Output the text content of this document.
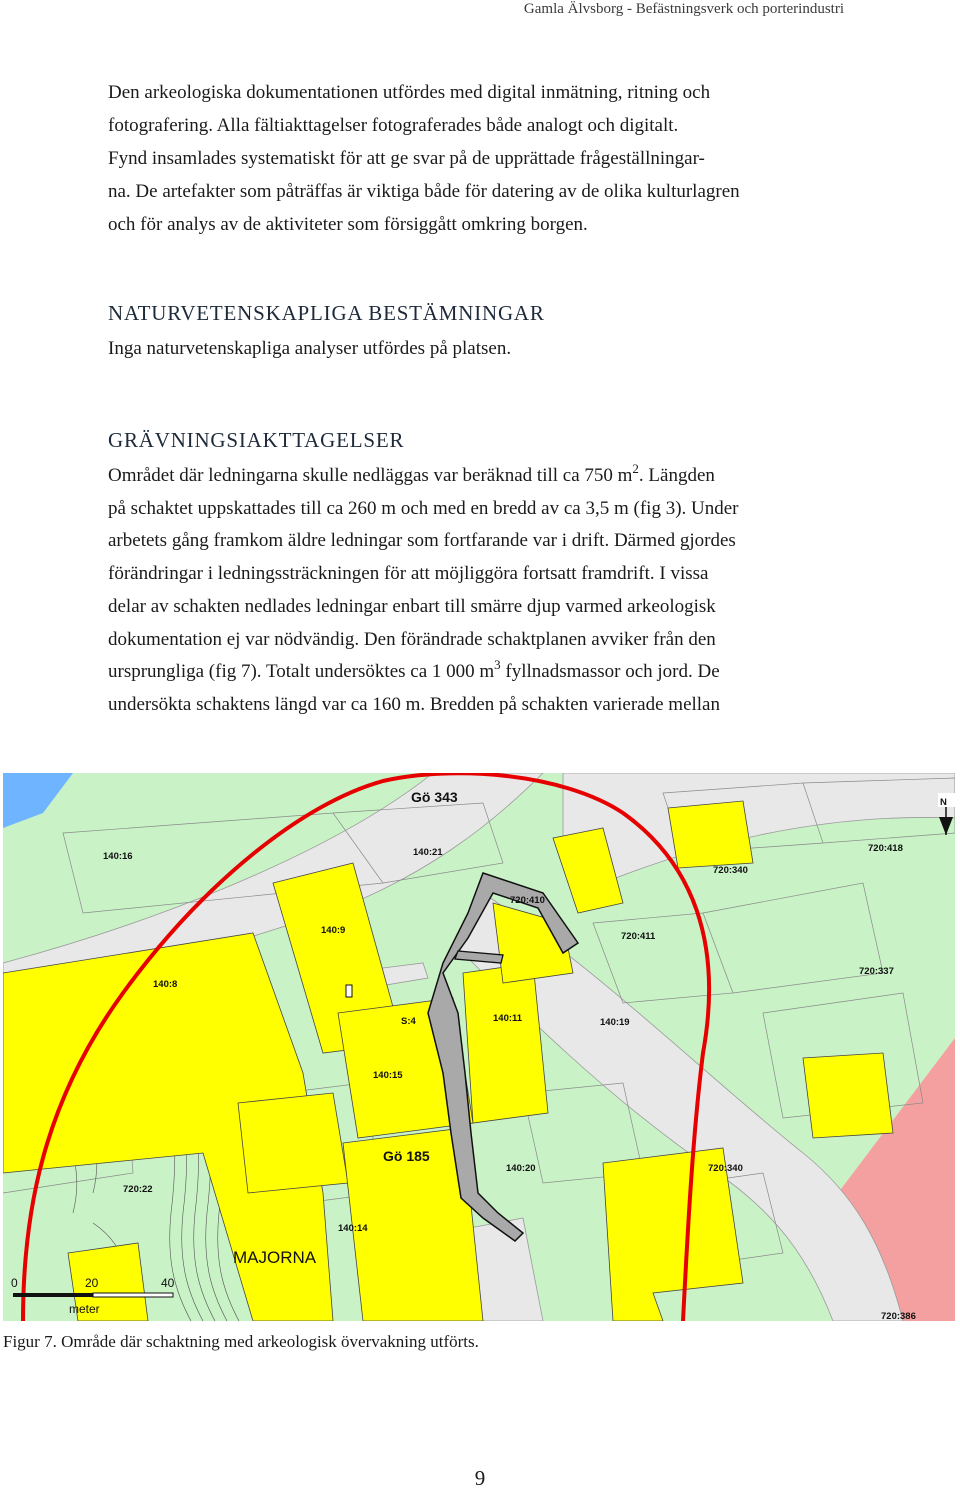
Gamla Älvsborg - Befästningsverk och porterindustri
Den arkeologiska dokumentationen utfördes med digital inmätning, ritning och
fotografering. Alla fältiakttagelser fotograferades både analogt och digitalt.
Fynd insamlades systematiskt för att ge svar på de upprättade frågeställningar-
na. De artefakter som påträffas är viktiga både för datering av de olika kulturlagren
och för analys av de aktiviteter som försiggått omkring borgen.
NATURVETENSKAPLIGA BESTÄMNINGAR
Inga naturvetenskapliga analyser utfördes på platsen.
GRÄVNINGSIAKTTAGELSER
Området där ledningarna skulle nedläggas var beräknad till ca 750 $m^2$. Längden
på schaktet uppskattades till ca 260 m och med en bredd av ca 3,5 m (fig 3). Under
arbetets gång framkom äldre ledningar som fortfarande var i drift. Därmed gjordes
förändringar i ledningssträckningen för att möjliggöra fortsatt framdrift. I vissa
delar av schakten nedlades ledningar enbart till smärre djup varmed arkeologisk
dokumentation ej var nödvändig. Den förändrade schaktplanen avviker från den
ursprungliga (fig 7). Totalt undersöktes ca 1 000 $m^3$ fyllnadsmassor och jord. De
undersökta schaktens längd var ca 160 m. Bredden på schakten varierade mellan
Gö 343
Gö 185
140:16	140:21
140:9
140:8
S:4	140:11	140:19
140:15
140:20
140:14
720:410
720:411
720:340
720:418
720:337
720:340
720:22
720:386
MAJORNA
N
0	20	40
meter
Figur 7. Område där schaktning med arkeologisk övervakning utförts.
9
